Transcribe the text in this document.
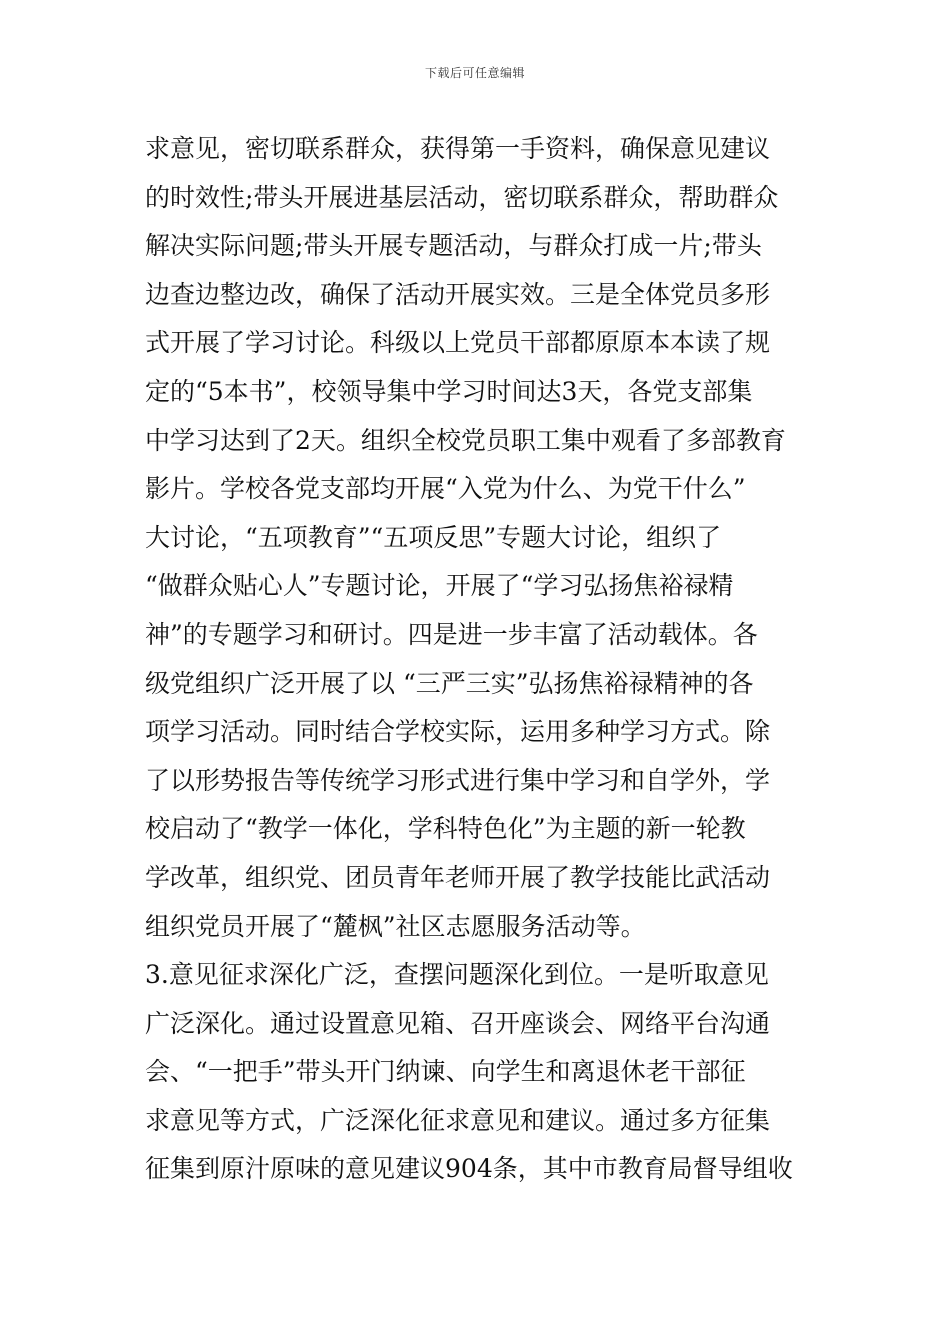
下载后可任意编辑
求意见，密切联系群众，获得第一手资料，确保意见建议
的时效性;带头开展进基层活动，密切联系群众，帮助群众
解决实际问题;带头开展专题活动，与群众打成一片;带头
边查边整边改，确保了活动开展实效。三是全体党员多形
式开展了学习讨论。科级以上党员干部都原原本本读了规
定的“5本书”，校领导集中学习时间达3天，各党支部集
中学习达到了2天。组织全校党员职工集中观看了多部教育
影片。学校各党支部均开展“入党为什么、为党干什么”
大讨论，“五项教育”“五项反思”专题大讨论，组织了
“做群众贴心人”专题讨论，开展了“学习弘扬焦裕禄精
神”的专题学习和研讨。四是进一步丰富了活动载体。各
级党组织广泛开展了以 “三严三实”弘扬焦裕禄精神的各
项学习活动。同时结合学校实际，运用多种学习方式。除
了以形势报告等传统学习形式进行集中学习和自学外，学
校启动了“教学一体化，学科特色化”为主题的新一轮教
学改革，组织党、团员青年老师开展了教学技能比武活动
组织党员开展了“麓枫”社区志愿服务活动等。
3.意见征求深化广泛，查摆问题深化到位。一是听取意见
广泛深化。通过设置意见箱、召开座谈会、网络平台沟通
会、“一把手”带头开门纳谏、向学生和离退休老干部征
求意见等方式，广泛深化征求意见和建议。通过多方征集
征集到原汁原味的意见建议904条，其中市教育局督导组收
